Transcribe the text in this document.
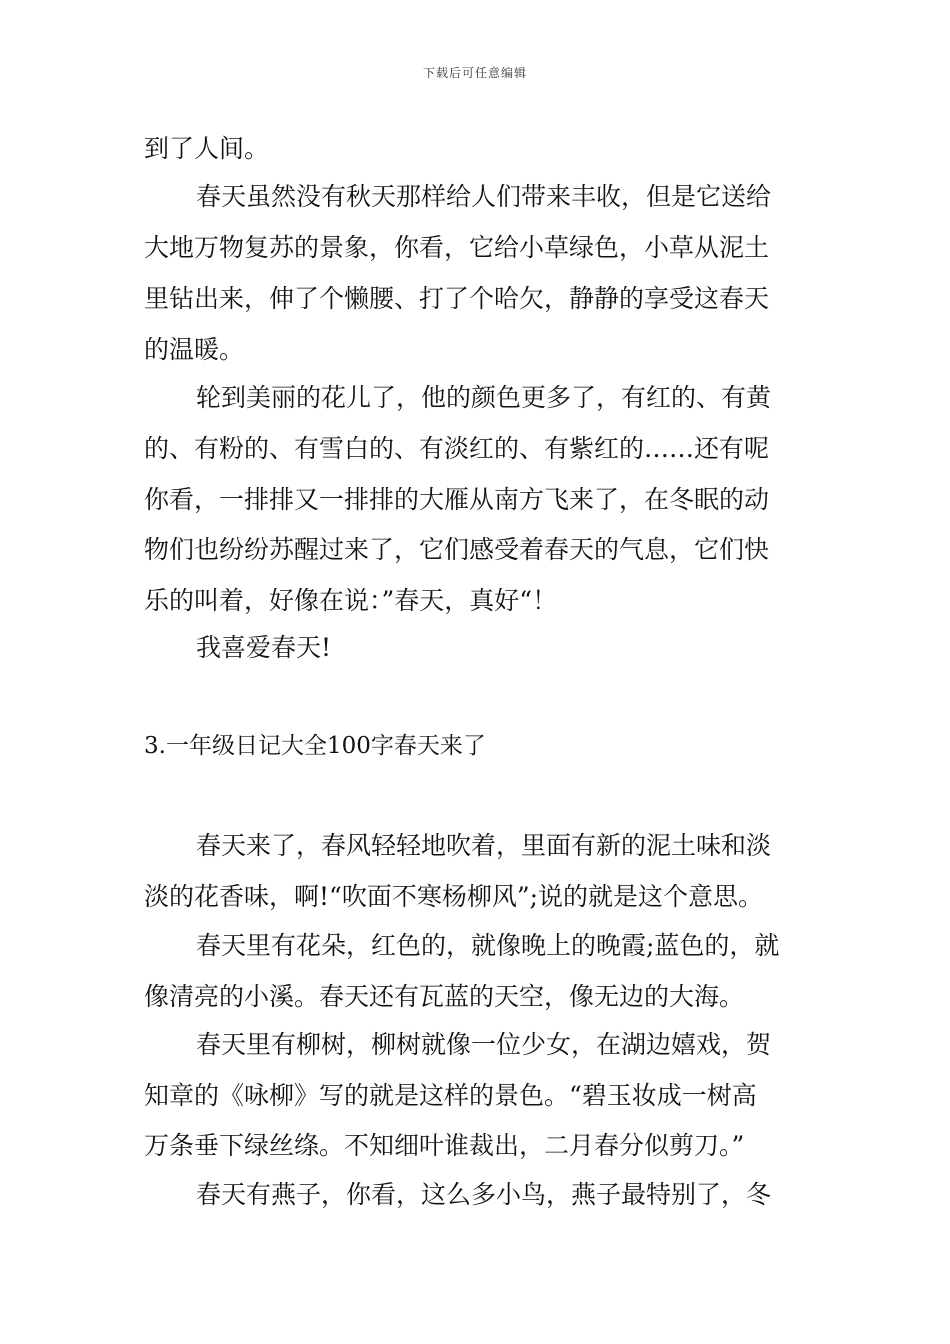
下载后可任意编辑
到了人间。
春天虽然没有秋天那样给人们带来丰收，但是它送给
大地万物复苏的景象，你看，它给小草绿色，小草从泥土
里钻出来，伸了个懒腰、打了个哈欠，静静的享受这春天
的温暖。
轮到美丽的花儿了，他的颜色更多了，有红的、有黄
的、有粉的、有雪白的、有淡红的、有紫红的……还有呢
你看，一排排又一排排的大雁从南方飞来了，在冬眠的动
物们也纷纷苏醒过来了，它们感受着春天的气息，它们快
乐的叫着，好像在说：”春天，真好“！
我喜爱春天!
3.一年级日记大全100字春天来了
春天来了，春风轻轻地吹着，里面有新的泥土味和淡
淡的花香味，啊!“吹面不寒杨柳风”;说的就是这个意思。
春天里有花朵，红色的，就像晚上的晚霞;蓝色的，就
像清亮的小溪。春天还有瓦蓝的天空，像无边的大海。
春天里有柳树，柳树就像一位少女，在湖边嬉戏，贺
知章的《咏柳》写的就是这样的景色。“碧玉妆成一树高
万条垂下绿丝绦。不知细叶谁裁出，二月春分似剪刀。”
春天有燕子，你看，这么多小鸟，燕子最特别了，冬
